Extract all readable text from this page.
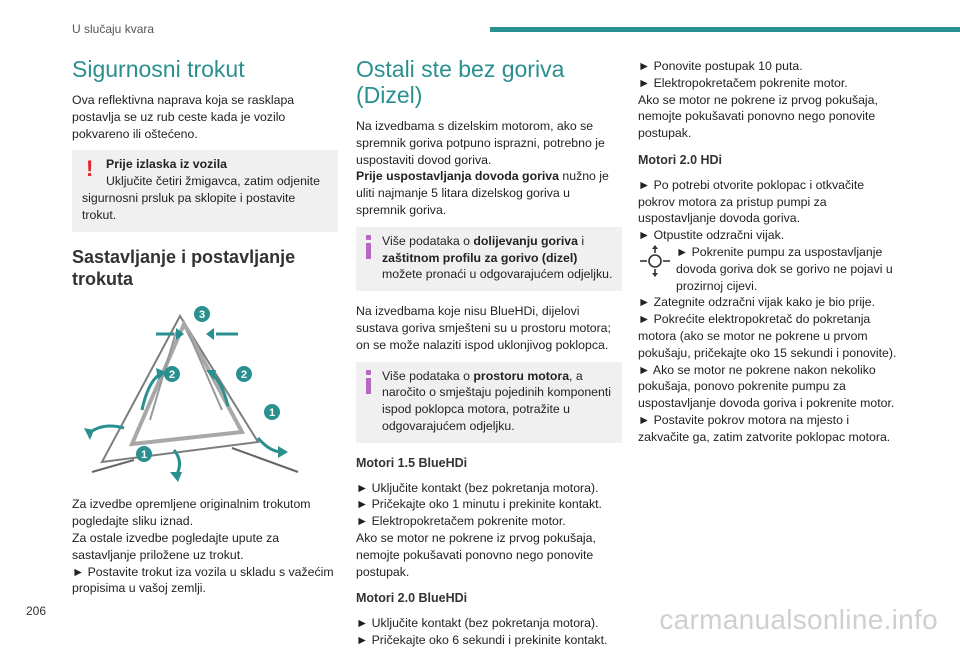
U slučaju kvara
Sigurnosni trokut

Ova reflektivna naprava koja se rasklapa postavlja se uz rub ceste kada je vozilo pokvareno ili oštećeno.

!	Prije izlaska iz vozila
Uključite četiri žmigavca, zatim odjenite sigurnosni prsluk pa sklopite i postavite trokut.
Sastavljanje i postavljanje trokuta
3
2	2
1
1

Za izvedbe opremljene originalnim trokutom pogledajte sliku iznad.

Za ostale izvedbe pogledajte upute za sastavljanje priložene uz trokut.

► Postavite trokut iza vozila u skladu s važećim propisima u vašoj zemlji.

Ostali ste bez goriva (Dizel)

Na izvedbama s dizelskim motorom, ako se spremnik goriva potpuno isprazni, potrebno je uspostaviti dovod goriva.

Prije uspostavljanja dovoda goriva nužno je uliti najmanje 5 litara dizelskog goriva u spremnik goriva.

Više podataka o dolijevanju goriva i zaštitnom profilu za gorivo (dizel) možete pronaći u odgovarajućem odjeljku.

Na izvedbama koje nisu BlueHDi, dijelovi sustava goriva smješteni su u prostoru motora; on se može nalaziti ispod uklonjivog poklopca.

Više podataka o prostoru motora, a naročito o smještaju pojedinih komponenti ispod poklopca motora, potražite u odgovarajućem odjeljku.
Motori 1.5 BlueHDi
► Uključite kontakt (bez pokretanja motora).
► Pričekajte oko 1 minutu i prekinite kontakt.
► Elektropokretačem pokrenite motor.
Ako se motor ne pokrene iz prvog pokušaja, nemojte pokušavati ponovno nego ponovite postupak.
Motori 2.0 BlueHDi
► Uključite kontakt (bez pokretanja motora).
► Pričekajte oko 6 sekundi i prekinite kontakt.
► Ponovite postupak 10 puta.
► Elektropokretačem pokrenite motor.
Ako se motor ne pokrene iz prvog pokušaja, nemojte pokušavati ponovno nego ponovite postupak.
Motori 2.0 HDi
► Po potrebi otvorite poklopac i otkvačite pokrov motora za pristup pumpi za uspostavljanje dovoda goriva.
► Otpustite odzračni vijak.
► Pokrenite pumpu za uspostavljanje dovoda goriva dok se gorivo ne pojavi u prozirnoj cijevi.
► Zategnite odzračni vijak kako je bio prije.
► Pokrećite elektropokretač do pokretanja motora (ako se motor ne pokrene u prvom pokušaju, pričekajte oko 15 sekundi i ponovite).
► Ako se motor ne pokrene nakon nekoliko pokušaja, ponovo pokrenite pumpu za uspostavljanje dovoda goriva i pokrenite motor.
► Postavite pokrov motora na mjesto i zakvačite ga, zatim zatvorite poklopac motora.
206	carmanualsonline.info
